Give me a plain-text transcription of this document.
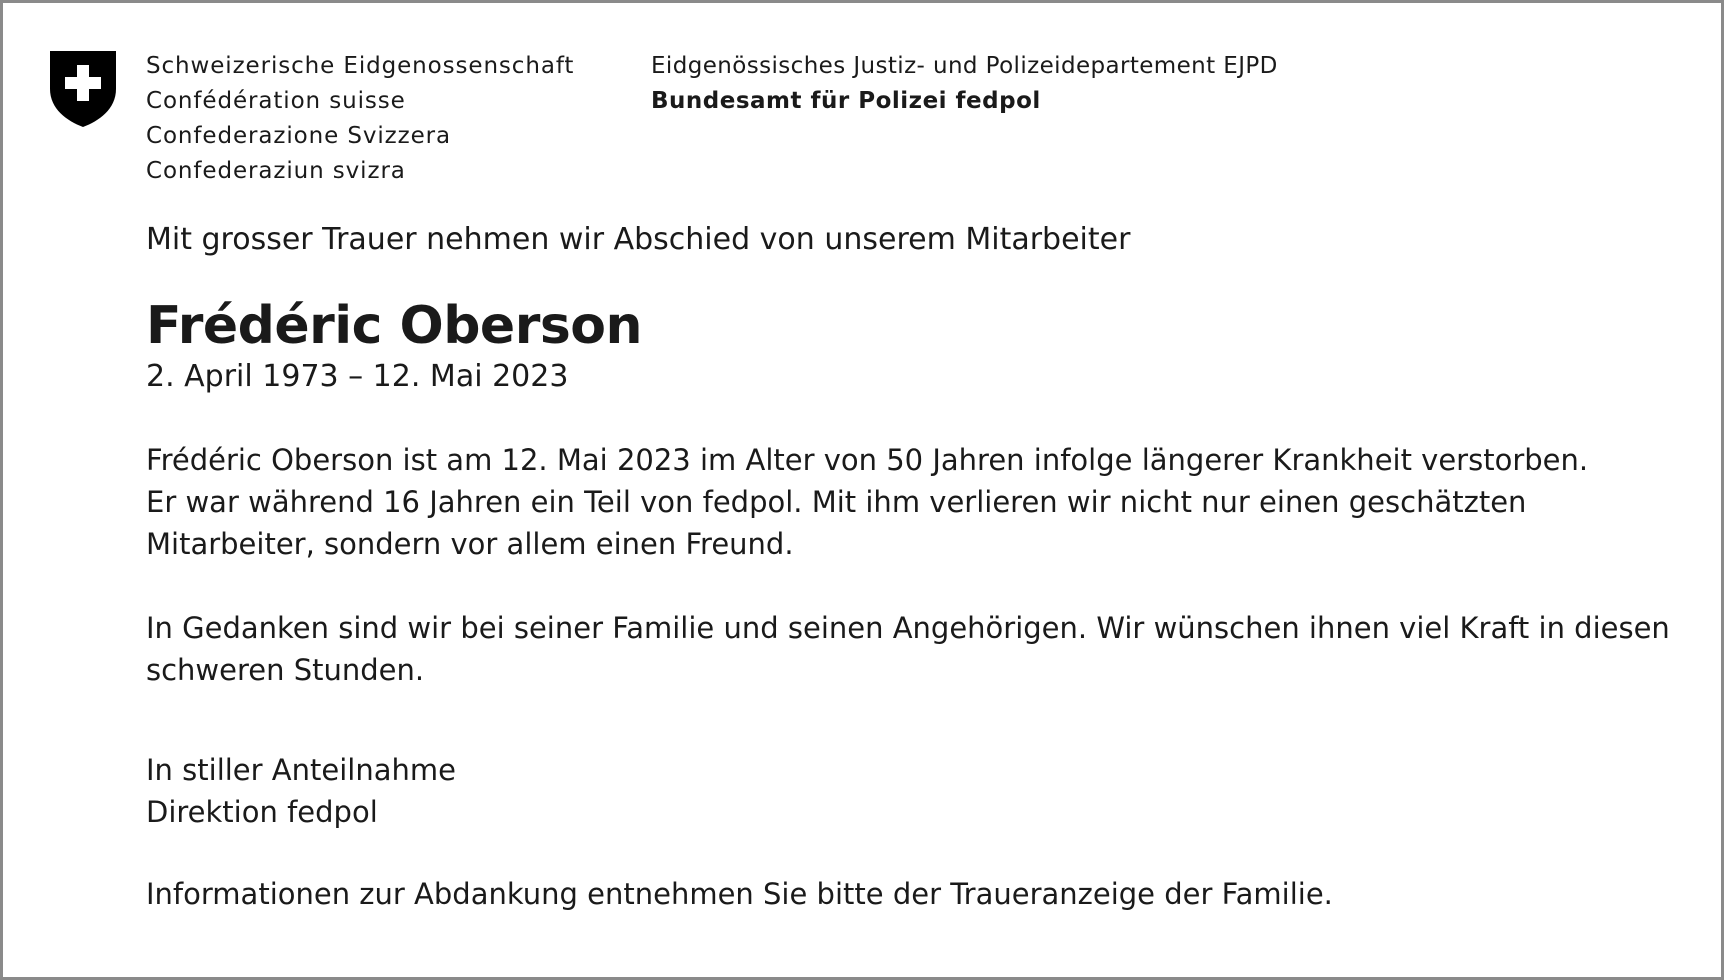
Schweizerische Eidgenossenschaft
Confédération suisse
Confederazione Svizzera
Confederaziun svizra
Eidgenössisches Justiz- und Polizeidepartement EJPD
Bundesamt für Polizei fedpol
Mit grosser Trauer nehmen wir Abschied von unserem Mitarbeiter
Frédéric Oberson
2. April 1973 – 12. Mai 2023
Frédéric Oberson ist am 12. Mai 2023 im Alter von 50 Jahren infolge längerer Krankheit verstorben.
Er war während 16 Jahren ein Teil von fedpol. Mit ihm verlieren wir nicht nur einen geschätzten
Mitarbeiter, sondern vor allem einen Freund.
In Gedanken sind wir bei seiner Familie und seinen Angehörigen. Wir wünschen ihnen viel Kraft in diesen
schweren Stunden.
In stiller Anteilnahme
Direktion fedpol
Informationen zur Abdankung entnehmen Sie bitte der Traueranzeige der Familie.
